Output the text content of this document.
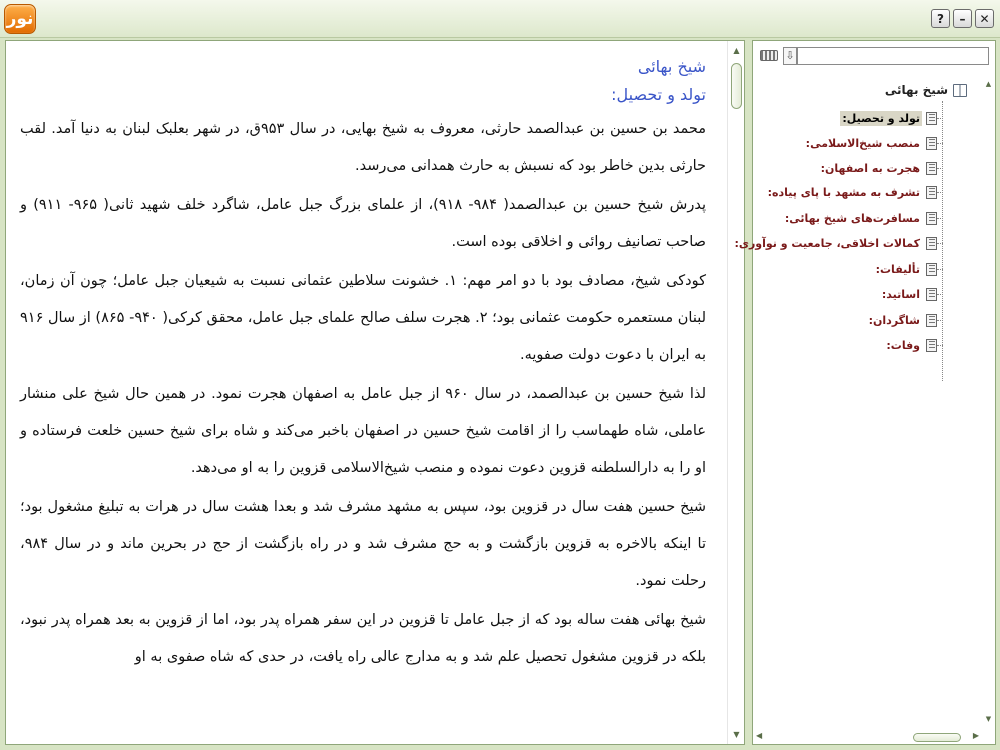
نور	?	–	✕
شیخ بهائی
تولد و تحصیل:

محمد بن حسین بن عبدالصمد حارثی، معروف به شیخ بهایی، در سال ۹۵۳ق، در شهر بعلبک لبنان به دنیا آمد. لقب حارثی بدین خاطر بود که نسبش به حارث همدانی می‌رسد.

پدرش شیخ حسین بن عبدالصمد( ۹۸۴- ۹۱۸)، از علمای بزرگ جبل عامل، شاگرد خلف شهید ثانی( ۹۶۵- ۹۱۱) و صاحب تصانیف روائی و اخلاقی بوده است.

کودکی شیخ، مصادف بود با دو امر مهم: ۱. خشونت سلاطین عثمانی نسبت به شیعیان جبل عامل؛ چون آن زمان، لبنان مستعمره حکومت عثمانی بود؛ ۲. هجرت سلف صالح علمای جبل عامل، محقق کرکی( ۹۴۰- ۸۶۵) از سال ۹۱۶ به ایران با دعوت دولت صفویه.

لذا شیخ حسین بن عبدالصمد، در سال ۹۶۰ از جبل عامل به اصفهان هجرت نمود. در همین حال شیخ علی منشار عاملی، شاه طهماسب را از اقامت شیخ حسین در اصفهان باخبر می‌کند و شاه برای شیخ حسین خلعت فرستاده و او را به دارالسلطنه قزوین دعوت نموده و منصب شیخ‌الاسلامی قزوین را به او می‌دهد.

شیخ حسین هفت سال در قزوین بود، سپس به مشهد مشرف شد و بعدا هشت سال در هرات به تبلیغ مشغول بود؛ تا اینکه بالاخره به قزوین بازگشت و به حج مشرف شد و در راه بازگشت از حج در بحرین ماند و در سال ۹۸۴، رحلت نمود.

شیخ بهائی هفت ساله بود که از جبل عامل تا قزوین در این سفر همراه پدر بود، اما از قزوین به بعد همراه پدر نبود، بلکه در قزوین مشغول تحصیل علم شد و به مدارج عالی راه یافت، در حدی که شاه صفوی به او

▲
▼
⇩
شیخ بهائی
تولد و تحصیل:
منصب شیخ‌الاسلامی:
هجرت به اصفهان:
تشرف به مشهد با پای پیاده:
مسافرت‌های شیخ بهائی:
کمالات اخلاقی، جامعیت و نوآوری:
تألیفات:
اساتید:
شاگردان:
وفات:
▲
▼
◀	▶
